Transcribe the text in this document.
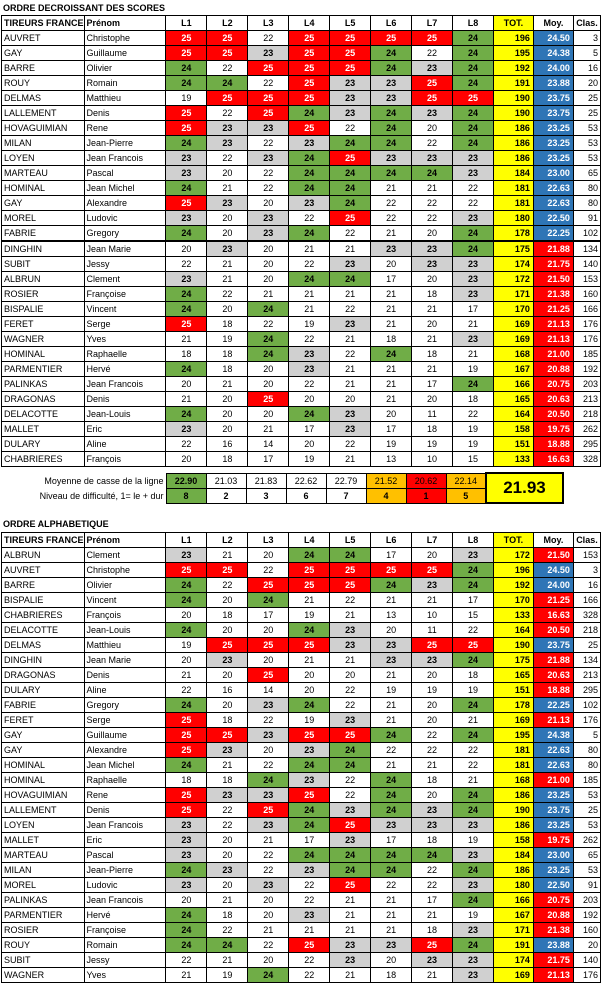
ORDRE DECROISSANT DES SCORES
TIREURS FRANCE	Prénom	L1	L2	L3	L4	L5	L6	L7	L8	TOT.	Moy.	Clas.
AUVRET	Christophe	25	25	22	25	25	25	25	24	196	24.50	3
GAY	Guillaume	25	25	23	25	25	24	22	24	195	24.38	5
BARRE	Olivier	24	22	25	25	25	24	23	24	192	24.00	16
ROUY	Romain	24	24	22	25	23	23	25	24	191	23.88	20
DELMAS	Matthieu	19	25	25	25	23	23	25	25	190	23.75	25
LALLEMENT	Denis	25	22	25	24	23	24	23	24	190	23.75	25
HOVAGUIMIAN	Rene	25	23	23	25	22	24	20	24	186	23.25	53
MILAN	Jean-Pierre	24	23	22	23	24	24	22	24	186	23.25	53
LOYEN	Jean Francois	23	22	23	24	25	23	23	23	186	23.25	53
MARTEAU	Pascal	23	20	22	24	24	24	24	23	184	23.00	65
HOMINAL	Jean Michel	24	21	22	24	24	21	21	22	181	22.63	80
GAY	Alexandre	25	23	20	23	24	22	22	22	181	22.63	80
MOREL	Ludovic	23	20	23	22	25	22	22	23	180	22.50	91
FABRIE	Gregory	24	20	23	24	22	21	20	24	178	22.25	102
DINGHIN	Jean Marie	20	23	20	21	21	23	23	24	175	21.88	134
SUBIT	Jessy	22	21	20	22	23	20	23	23	174	21.75	140
ALBRUN	Clement	23	21	20	24	24	17	20	23	172	21.50	153
ROSIER	Françoise	24	22	21	21	21	21	18	23	171	21.38	160
BISPALIE	Vincent	24	20	24	21	22	21	21	17	170	21.25	166
FERET	Serge	25	18	22	19	23	21	20	21	169	21.13	176
WAGNER	Yves	21	19	24	22	21	18	21	23	169	21.13	176
HOMINAL	Raphaelle	18	18	24	23	22	24	18	21	168	21.00	185
PARMENTIER	Hervé	24	18	20	23	21	21	21	19	167	20.88	192
PALINKAS	Jean Francois	20	21	20	22	21	21	17	24	166	20.75	203
DRAGONAS	Denis	21	20	25	20	20	21	20	18	165	20.63	213
DELACOTTE	Jean-Louis	24	20	20	24	23	20	11	22	164	20.50	218
MALLET	Eric	23	20	21	17	23	17	18	19	158	19.75	262
DULARY	Aline	22	16	14	20	22	19	19	19	151	18.88	295
CHABRIERES	François	20	18	17	19	21	13	10	15	133	16.63	328
Moyenne de casse de la ligne	22.90	21.03	21.83	22.62	22.79	21.52	20.62	22.14	21.93
Niveau de difficulté, 1= le + dur	8	2	3	6	7	4	1	5	
ORDRE ALPHABETIQUE
TIREURS FRANCE	Prénom	L1	L2	L3	L4	L5	L6	L7	L8	TOT.	Moy.	Clas.
ALBRUN	Clement	23	21	20	24	24	17	20	23	172	21.50	153
AUVRET	Christophe	25	25	22	25	25	25	25	24	196	24.50	3
BARRE	Olivier	24	22	25	25	25	24	23	24	192	24.00	16
BISPALIE	Vincent	24	20	24	21	22	21	21	17	170	21.25	166
CHABRIERES	François	20	18	17	19	21	13	10	15	133	16.63	328
DELACOTTE	Jean-Louis	24	20	20	24	23	20	11	22	164	20.50	218
DELMAS	Matthieu	19	25	25	25	23	23	25	25	190	23.75	25
DINGHIN	Jean Marie	20	23	20	21	21	23	23	24	175	21.88	134
DRAGONAS	Denis	21	20	25	20	20	21	20	18	165	20.63	213
DULARY	Aline	22	16	14	20	22	19	19	19	151	18.88	295
FABRIE	Gregory	24	20	23	24	22	21	20	24	178	22.25	102
FERET	Serge	25	18	22	19	23	21	20	21	169	21.13	176
GAY	Guillaume	25	25	23	25	25	24	22	24	195	24.38	5
GAY	Alexandre	25	23	20	23	24	22	22	22	181	22.63	80
HOMINAL	Jean Michel	24	21	22	24	24	21	21	22	181	22.63	80
HOMINAL	Raphaelle	18	18	24	23	22	24	18	21	168	21.00	185
HOVAGUIMIAN	Rene	25	23	23	25	22	24	20	24	186	23.25	53
LALLEMENT	Denis	25	22	25	24	23	24	23	24	190	23.75	25
LOYEN	Jean Francois	23	22	23	24	25	23	23	23	186	23.25	53
MALLET	Eric	23	20	21	17	23	17	18	19	158	19.75	262
MARTEAU	Pascal	23	20	22	24	24	24	24	23	184	23.00	65
MILAN	Jean-Pierre	24	23	22	23	24	24	22	24	186	23.25	53
MOREL	Ludovic	23	20	23	22	25	22	22	23	180	22.50	91
PALINKAS	Jean Francois	20	21	20	22	21	21	17	24	166	20.75	203
PARMENTIER	Hervé	24	18	20	23	21	21	21	19	167	20.88	192
ROSIER	Françoise	24	22	21	21	21	21	18	23	171	21.38	160
ROUY	Romain	24	24	22	25	23	23	25	24	191	23.88	20
SUBIT	Jessy	22	21	20	22	23	20	23	23	174	21.75	140
WAGNER	Yves	21	19	24	22	21	18	21	23	169	21.13	176
